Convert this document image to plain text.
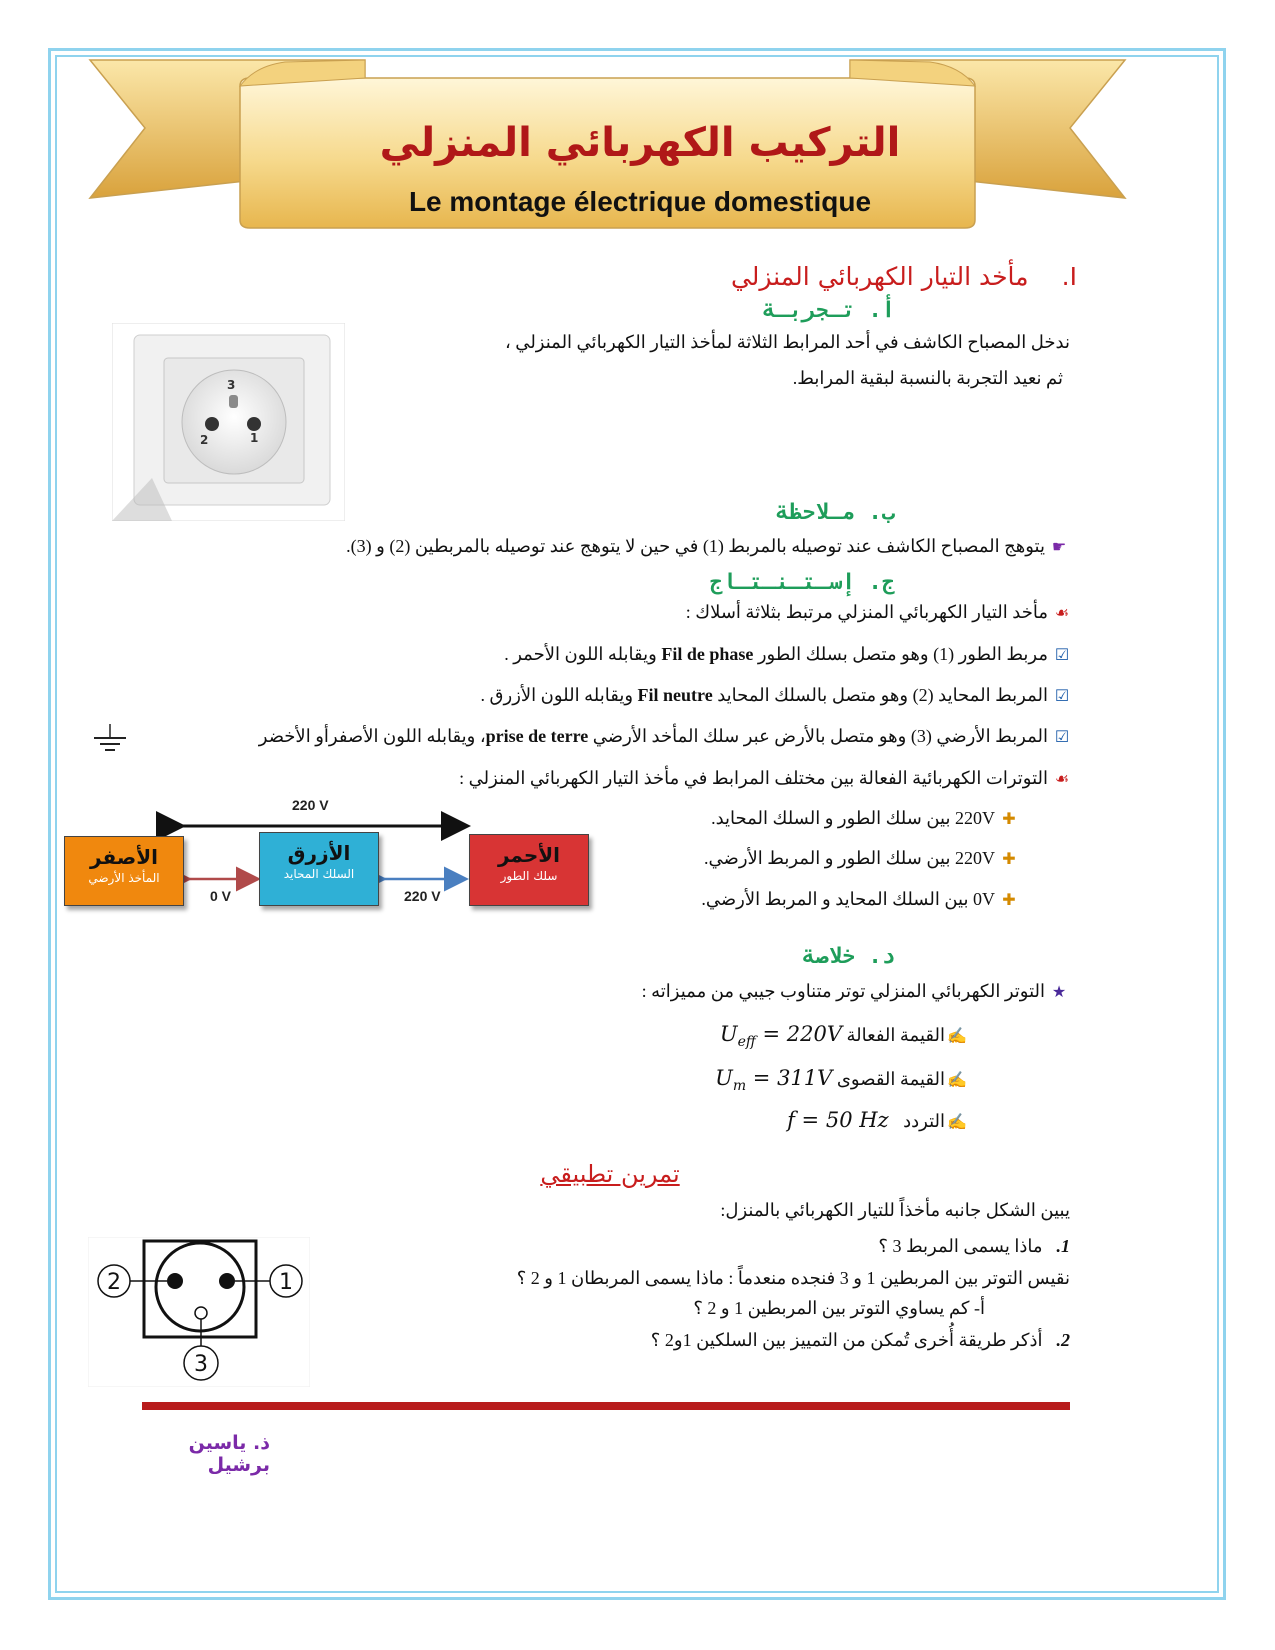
التركيب الكهربائي المنزلي
Le montage électrique domestique
I. مأخد التيار الكهربائي المنزلي
أ. تـجربـة
ندخل المصباح الكاشف في أحد المرابط الثلاثة لمأخذ التيار الكهربائي المنزلي ،
ثم نعيد التجربة بالنسبة لبقية المرابط.
3
2	1
ب. مـلاحظة
☛يتوهج المصباح الكاشف عند توصيله بالمربط (1) في حين لا يتوهج عند توصيله بالمربطين (2) و (3).
ج. إسـتـنـتـاج
☙مأخد التيار الكهربائي المنزلي مرتبط بثلاثة أسلاك :
☑مربط الطور (1) وهو متصل بسلك الطور Fil de phase ويقابله اللون الأحمر .
☑المربط المحايد (2) وهو متصل بالسلك المحايد Fil neutre ويقابله اللون الأزرق .
☑المربط الأرضي (3) وهو متصل بالأرض عبر سلك المأخد الأرضي prise de terre، ويقابله اللون الأصفرأو الأخضر
☙التوترات الكهربائية الفعالة بين مختلف المرابط في مأخذ التيار الكهربائي المنزلي :
✚220V بين سلك الطور و السلك المحايد.
✚220V بين سلك الطور و المربط الأرضي.
✚0V بين السلك المحايد و المربط الأرضي.
220 V
0 V	220 V
الأصفر
المأخذ الأرضي
الأزرق
السلك المحايد
الأحمر
سلك الطور
د. خلاصة
★التوتر الكهربائي المنزلي توتر متناوب جيبي من مميزاته :
✍القيمة الفعالة $U_{eff} = 220V$
✍القيمة القصوى $U_m = 311V$
✍التردد f = 50 Hz
تمرين تطبيقي
يبين الشكل جانبه مأخذاً للتيار الكهربائي بالمنزل:
1.ماذا يسمى المربط 3 ؟
نقيس التوتر بين المربطين 1 و 3 فنجده منعدماً : ماذا يسمى المربطان 1 و 2 ؟
أ- كم يساوي التوتر بين المربطين 1 و 2 ؟
2.أذكر طريقة أُخرى تُمكن من التمييز بين السلكين 1و2 ؟
2	1
3
ذ. ياسين برشيل
